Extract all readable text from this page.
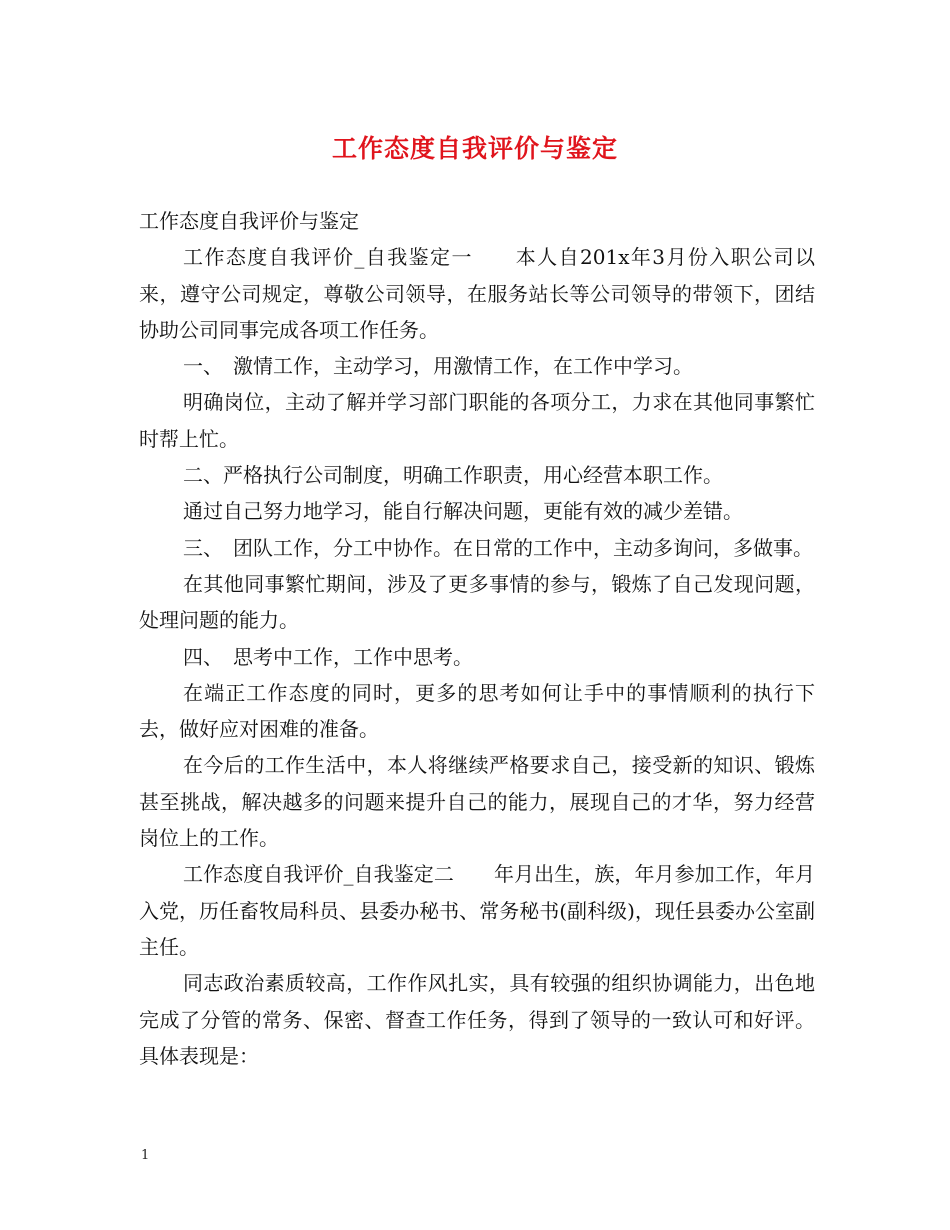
工作态度自我评价与鉴定

工作态度自我评价与鉴定

工作态度自我评价_自我鉴定一　　本人自201x年3月份入职公司以来，遵守公司规定，尊敬公司领导，在服务站长等公司领导的带领下，团结协助公司同事完成各项工作任务。

一、　激情工作，主动学习，用激情工作，在工作中学习。

明确岗位，主动了解并学习部门职能的各项分工，力求在其他同事繁忙时帮上忙。

二、严格执行公司制度，明确工作职责，用心经营本职工作。

通过自己努力地学习，能自行解决问题，更能有效的减少差错。

三、　团队工作，分工中协作。在日常的工作中，主动多询问，多做事。

在其他同事繁忙期间，涉及了更多事情的参与，锻炼了自己发现问题，处理问题的能力。

四、　思考中工作，工作中思考。

在端正工作态度的同时，更多的思考如何让手中的事情顺利的执行下去，做好应对困难的准备。

在今后的工作生活中，本人将继续严格要求自己，接受新的知识、锻炼甚至挑战，解决越多的问题来提升自己的能力，展现自己的才华，努力经营岗位上的工作。

工作态度自我评价_自我鉴定二　　年月出生，族，年月参加工作，年月入党，历任畜牧局科员、县委办秘书、常务秘书(副科级)，现任县委办公室副主任。

同志政治素质较高，工作作风扎实，具有较强的组织协调能力，出色地完成了分管的常务、保密、督查工作任务，得到了领导的一致认可和好评。具体表现是：

1
